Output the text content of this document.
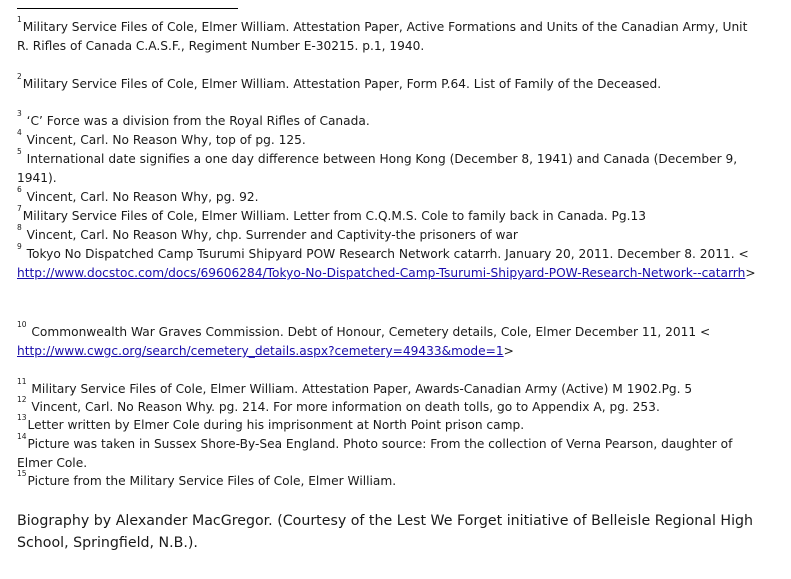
$^1$Military Service Files of Cole, Elmer William. Attestation Paper, Active Formations and Units of the Canadian Army, Unit R. Rifles of Canada C.A.S.F., Regiment Number E-30215. p.1, 1940.
$^2$Military Service Files of Cole, Elmer William. Attestation Paper, Form P.64. List of Family of the Deceased.
$^3$ ‘C’ Force was a division from the Royal Rifles of Canada.
$^4$ Vincent, Carl. No Reason Why, top of pg. 125.
$^5$ International date signifies a one day difference between Hong Kong (December 8, 1941) and Canada (December 9, 1941).
$^6$ Vincent, Carl. No Reason Why, pg. 92.
$^7$Military Service Files of Cole, Elmer William. Letter from C.Q.M.S. Cole to family back in Canada. Pg.13
$^8$ Vincent, Carl. No Reason Why, chp. Surrender and Captivity-the prisoners of war
$^9$ Tokyo No Dispatched Camp Tsurumi Shipyard POW Research Network catarrh. January 20, 2011. December 8. 2011. < http://www.docstoc.com/docs/69606284/Tokyo-No-Dispatched-Camp-Tsurumi-Shipyard-POW-Research-Network--catarrh>
$^{10}$ Commonwealth War Graves Commission. Debt of Honour, Cemetery details, Cole, Elmer December 11, 2011 < http://www.cwgc.org/search/cemetery_details.aspx?cemetery=49433&mode=1>
$^{11}$ Military Service Files of Cole, Elmer William. Attestation Paper, Awards-Canadian Army (Active) M 1902.Pg. 5
$^{12}$ Vincent, Carl. No Reason Why. pg. 214. For more information on death tolls, go to Appendix A, pg. 253.
$^{13}$Letter written by Elmer Cole during his imprisonment at North Point prison camp.
$^{14}$Picture was taken in Sussex Shore-By-Sea England. Photo source: From the collection of Verna Pearson, daughter of Elmer Cole.
$^{15}$Picture from the Military Service Files of Cole, Elmer William.
Biography by Alexander MacGregor. (Courtesy of the Lest We Forget initiative of Belleisle Regional High School, Springfield, N.B.).
